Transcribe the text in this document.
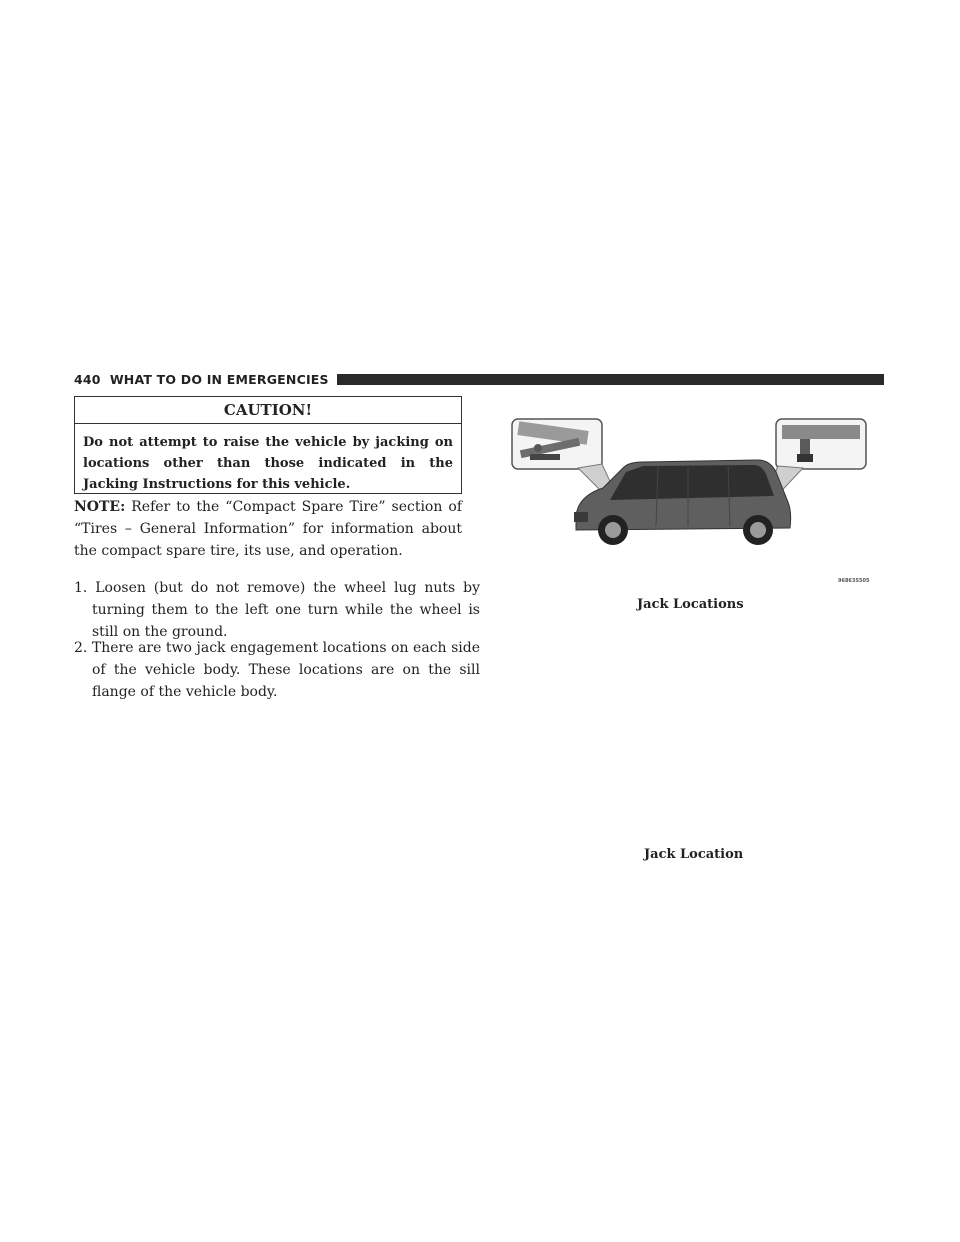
440 WHAT TO DO IN EMERGENCIES
CAUTION!
Do not attempt to raise the vehicle by jacking on locations other than those indicated in the Jacking Instructions for this vehicle.
NOTE: Refer to the “Compact Spare Tire” section of “Tires – General Information” for information about the compact spare tire, its use, and operation.
1. Loosen (but do not remove) the wheel lug nuts by turning them to the left one turn while the wheel is still on the ground.
2. There are two jack engagement locations on each side of the vehicle body. These locations are on the sill flange of the vehicle body.
96863S505
Jack Locations
Jack Location
